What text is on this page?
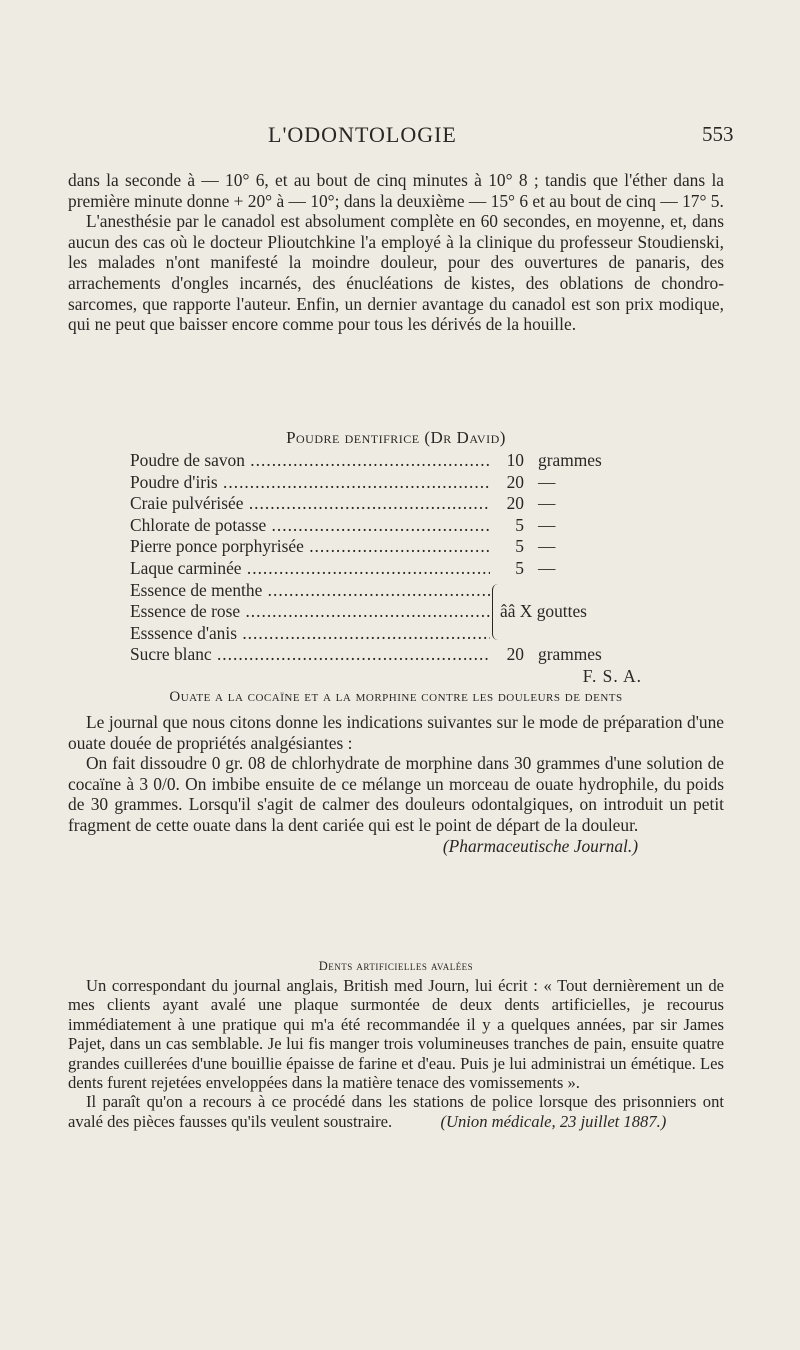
L'ODONTOLOGIE	553

dans la seconde à — 10° 6, et au bout de cinq minutes à 10° 8 ; tandis que l'éther dans la première minute donne + 20° à — 10°; dans la deuxième — 15° 6 et au bout de cinq — 17° 5.

L'anesthésie par le canadol est absolument complète en 60 secondes, en moyenne, et, dans aucun des cas où le docteur Plioutchkine l'a employé à la clinique du professeur Stoudienski, les malades n'ont manifesté la moindre douleur, pour des ouvertures de panaris, des arrachements d'ongles incarnés, des énucléations de kistes, des oblations de chondro-sarcomes, que rapporte l'auteur. Enfin, un dernier avantage du canadol est son prix modique, qui ne peut que baisser encore comme pour tous les dérivés de la houille.

Poudre dentifrice (Dr David)

Poudre de savon .....	10 grammes
Poudre d'iris .....	20 —
Craie pulvérisée .....	20 —
Chlorate de potasse .....	5 —
Pierre ponce porphyrisée .....	5 —
Laque carminée .....	5 —
Essence de menthe .....
Essence de rose .....
Esssence d'anis .....
ââ X gouttes
Sucre blanc .....	20 grammes
F. S. A.

Ouate a la cocaïne et a la morphine contre les douleurs de dents

Le journal que nous citons donne les indications suivantes sur le mode de préparation d'une ouate douée de propriétés analgésiantes :

On fait dissoudre 0 gr. 08 de chlorhydrate de morphine dans 30 grammes d'une solution de cocaïne à 3 0/0. On imbibe ensuite de ce mélange un morceau de ouate hydrophile, du poids de 30 grammes. Lorsqu'il s'agit de calmer des douleurs odontalgiques, on introduit un petit fragment de cette ouate dans la dent cariée qui est le point de départ de la douleur.

(Pharmaceutische Journal.)

Dents artificielles avalées

Un correspondant du journal anglais, British med Journ, lui écrit : « Tout dernièrement un de mes clients ayant avalé une plaque surmontée de deux dents artificielles, je recourus immédiatement à une pratique qui m'a été recommandée il y a quelques années, par sir James Pajet, dans un cas semblable. Je lui fis manger trois volumineuses tranches de pain, ensuite quatre grandes cuillerées d'une bouillie épaisse de farine et d'eau. Puis je lui administrai un émétique. Les dents furent rejetées enveloppées dans la matière tenace des vomissements ».

Il paraît qu'on a recours à ce procédé dans les stations de police lorsque des prisonniers ont avalé des pièces fausses qu'ils veulent soustraire.	(Union médicale, 23 juillet 1887.)
